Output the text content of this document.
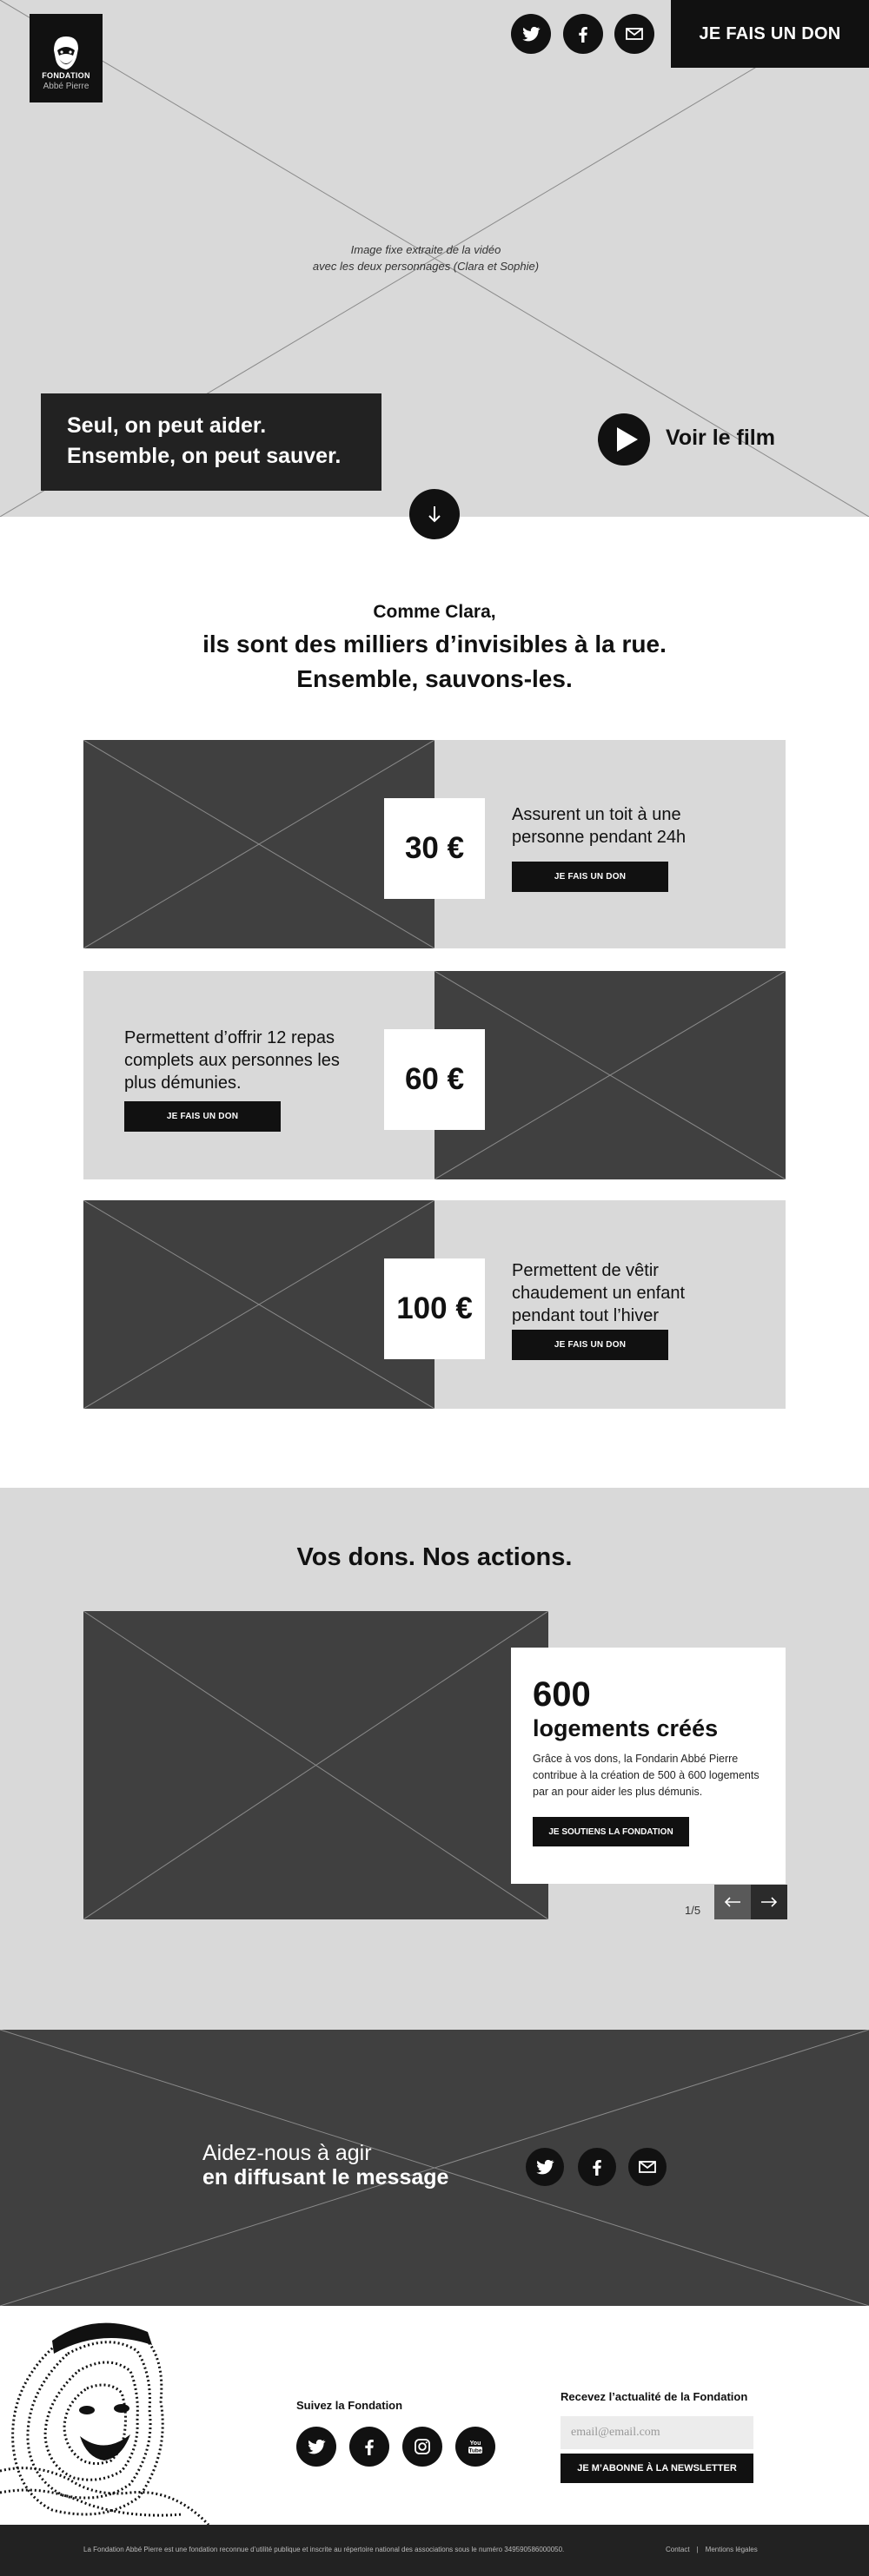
FONDATION
Abbé Pierre
JE FAIS UN DON
Image fixe extraite de la vidéo
avec les deux personnages (Clara et Sophie)
Seul, on peut aider.
Ensemble, on peut sauver.
Voir le film
Comme Clara,
ils sont des milliers d’invisibles à la rue.
Ensemble, sauvons-les.
30 €
Assurent un toit à une
personne pendant 24h
JE FAIS UN DON
60 €
Permettent d’offrir 12 repas
complets aux personnes les
plus démunies.
JE FAIS UN DON
100 €
Permettent de vêtir
chaudement un enfant
pendant tout l’hiver
JE FAIS UN DON
Vos dons. Nos actions.
600
logements créés
Grâce à vos dons, la Fondarin Abbé Pierre contribue à la création de 500 à 600 logements par an pour aider les plus démunis.
JE SOUTIENS LA FONDATION
1/5
Aidez-nous à agir
en diffusant le message
Suivez la Fondation
You
Tube
Recevez l’actualité de la Fondation
email@email.com
JE M’ABONNE À LA NEWSLETTER
La Fondation Abbé Pierre est une fondation reconnue d’utilité publique et inscrite au répertoire national des associations sous le numéro 349590586000050.	Contact | Mentions légales
